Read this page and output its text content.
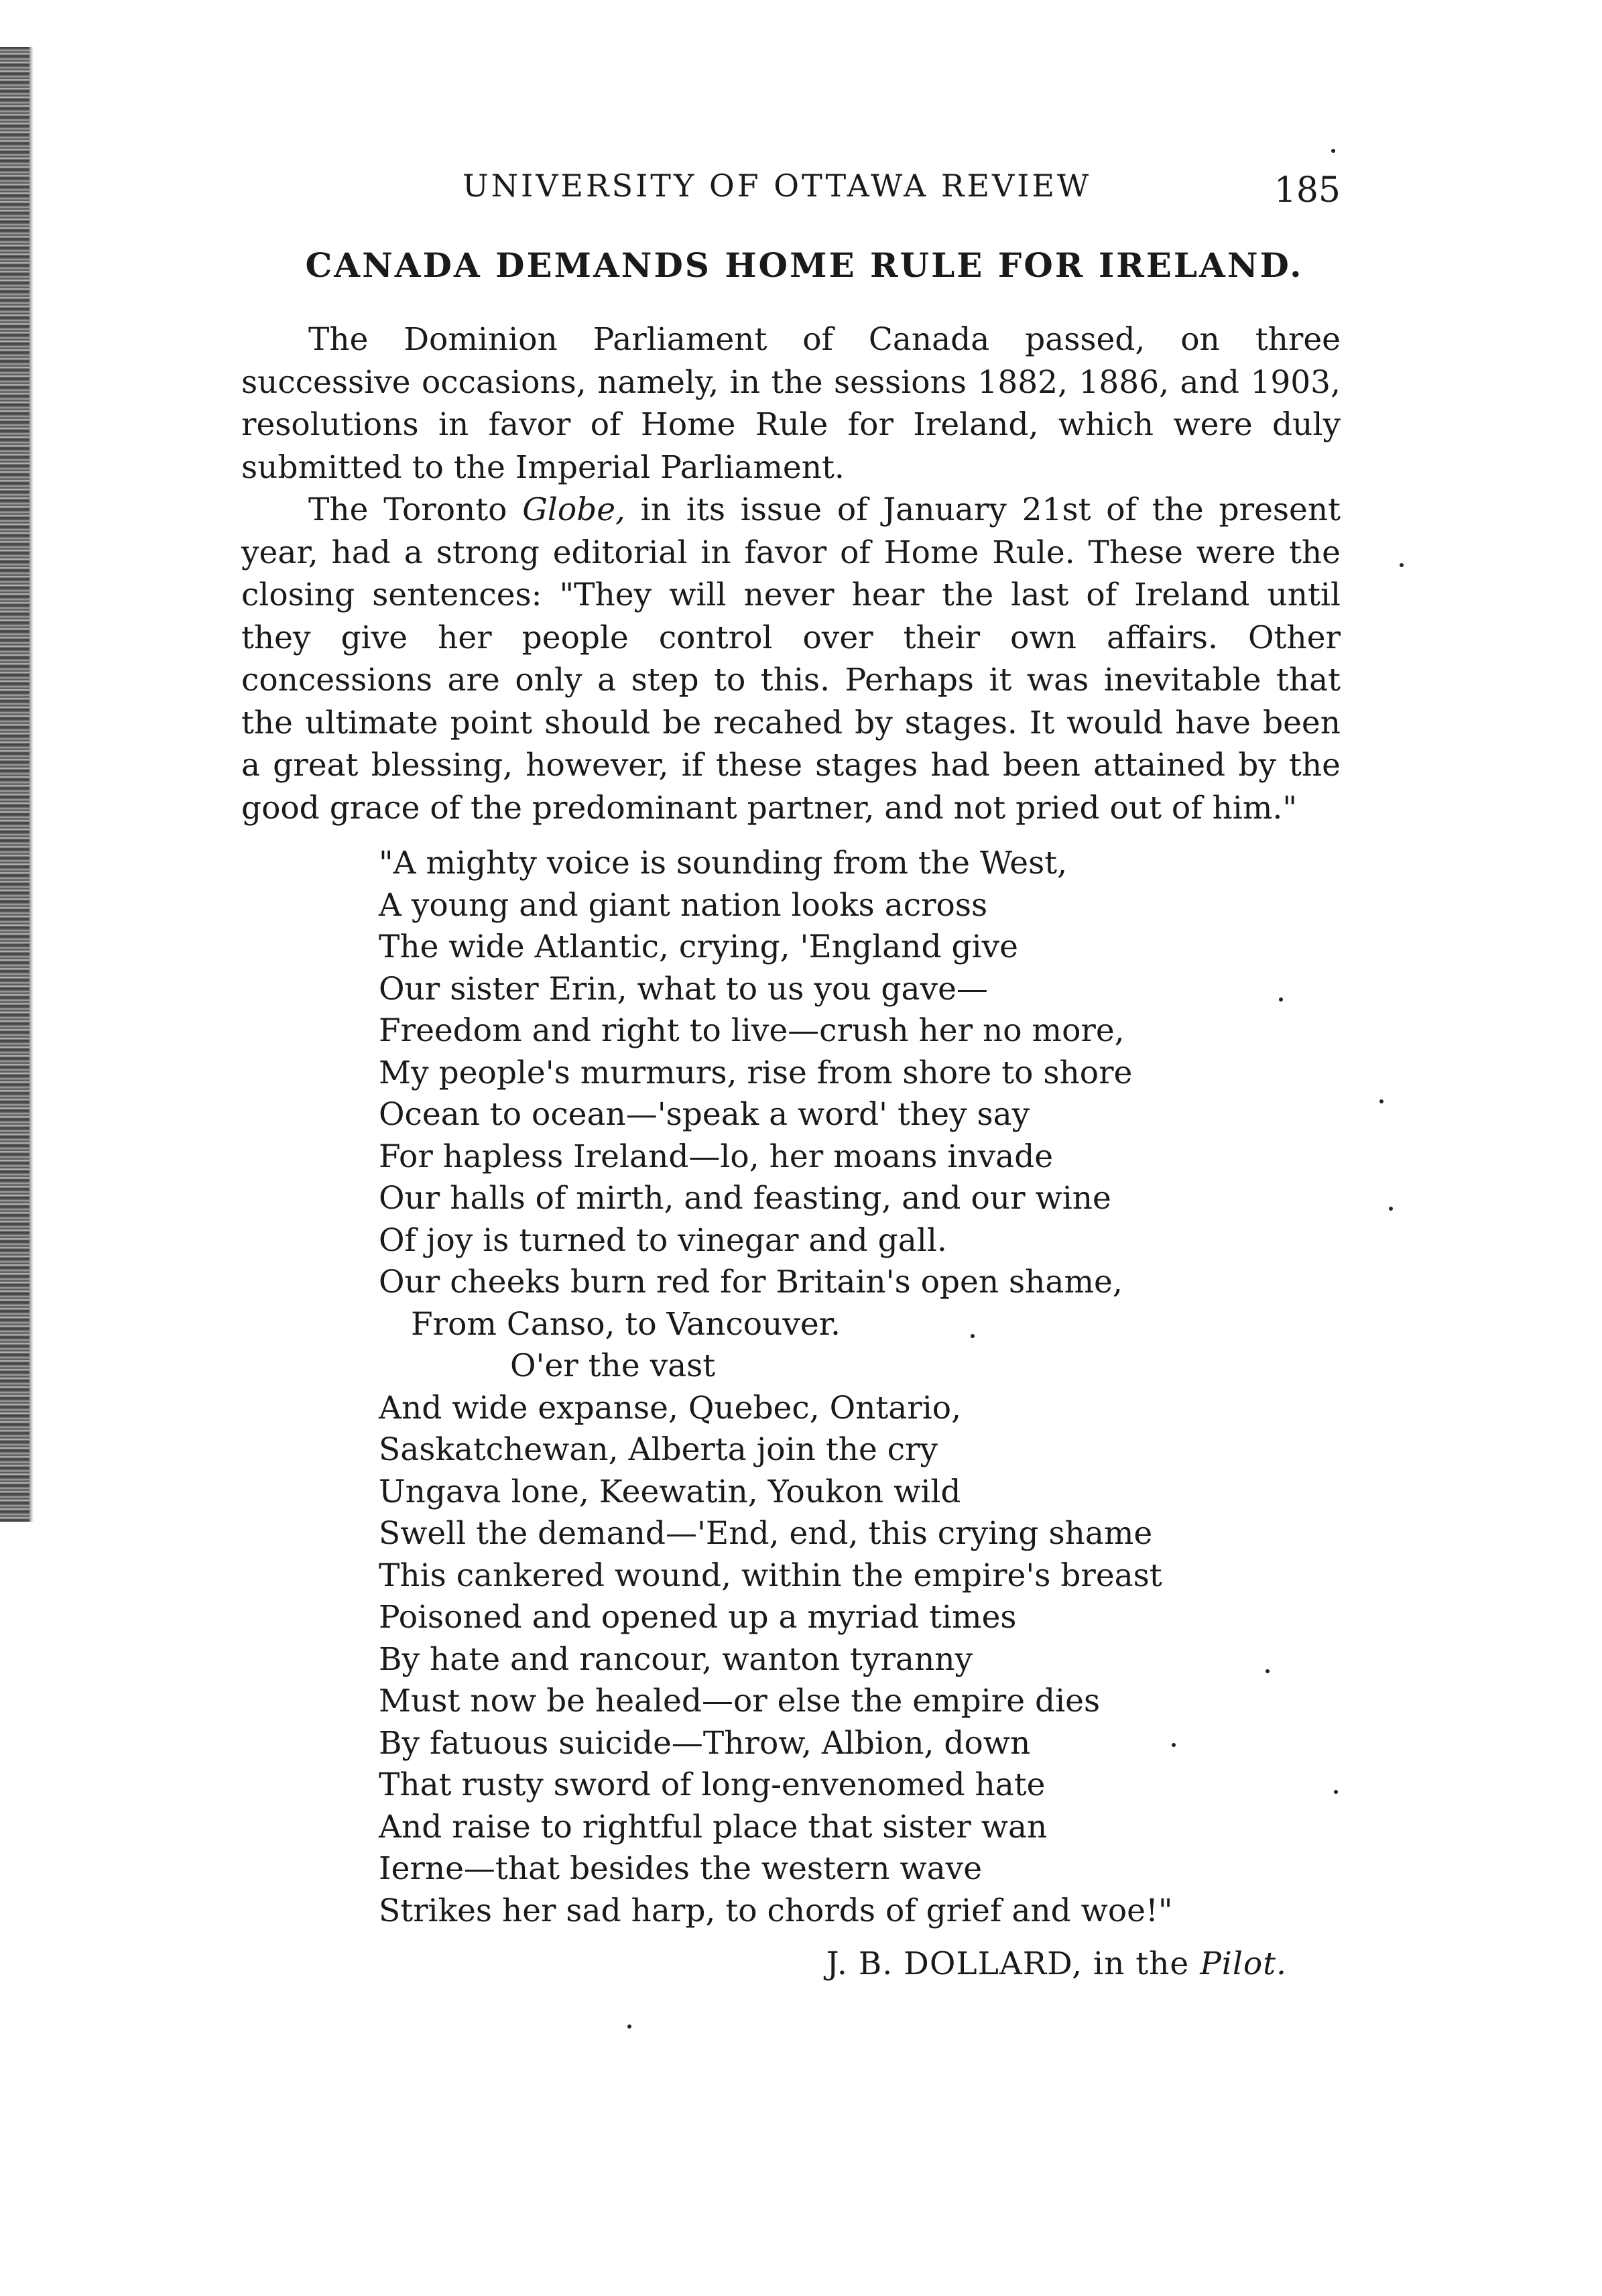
UNIVERSITY OF OTTAWA REVIEW	185
CANADA DEMANDS HOME RULE FOR IRELAND.

The Dominion Parliament of Canada passed, on three successive occasions, namely, in the sessions 1882, 1886, and 1903, resolutions in favor of Home Rule for Ireland, which were duly submitted to the Imperial Parliament.

The Toronto Globe, in its issue of January 21st of the present year, had a strong editorial in favor of Home Rule. These were the closing sentences: "They will never hear the last of Ireland until they give her people control over their own affairs. Other concessions are only a step to this. Perhaps it was inevitable that the ultimate point should be recahed by stages. It would have been a great blessing, however, if these stages had been attained by the good grace of the predominant partner, and not pried out of him."

"A mighty voice is sounding from the West,
A young and giant nation looks across
The wide Atlantic, crying, 'England give
Our sister Erin, what to us you gave—
Freedom and right to live—crush her no more,
My people's murmurs, rise from shore to shore
Ocean to ocean—'speak a word' they say
For hapless Ireland—lo, her moans invade
Our halls of mirth, and feasting, and our wine
Of joy is turned to vinegar and gall.
Our cheeks burn red for Britain's open shame,
From Canso, to Vancouver.
O'er the vast
And wide expanse, Quebec, Ontario,
Saskatchewan, Alberta join the cry
Ungava lone, Keewatin, Youkon wild
Swell the demand—'End, end, this crying shame
This cankered wound, within the empire's breast
Poisoned and opened up a myriad times
By hate and rancour, wanton tyranny
Must now be healed—or else the empire dies
By fatuous suicide—Throw, Albion, down
That rusty sword of long-envenomed hate
And raise to rightful place that sister wan
Ierne—that besides the western wave
Strikes her sad harp, to chords of grief and woe!"
J. B. DOLLARD, in the Pilot.
